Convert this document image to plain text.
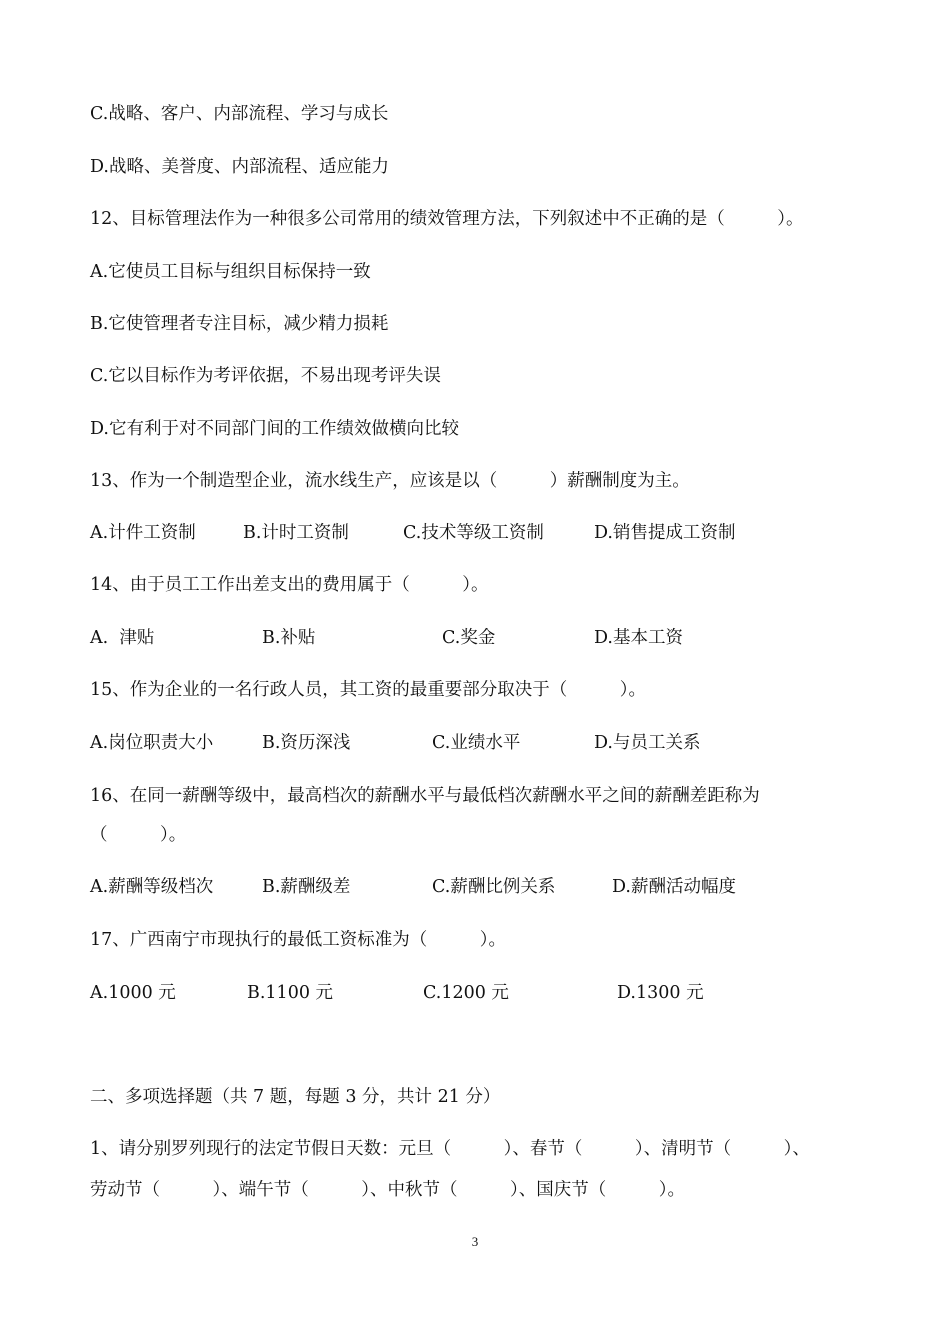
C.战略、客户、内部流程、学习与成长
D.战略、美誉度、内部流程、适应能力
12、目标管理法作为一种很多公司常用的绩效管理方法，下列叙述中不正确的是（　　　）。
A.它使员工目标与组织目标保持一致
B.它使管理者专注目标，减少精力损耗
C.它以目标作为考评依据，不易出现考评失误
D.它有利于对不同部门间的工作绩效做横向比较
13、作为一个制造型企业，流水线生产，应该是以（　　　）薪酬制度为主。
A.计件工资制	B.计时工资制	C.技术等级工资制	D.销售提成工资制
14、由于员工工作出差支出的费用属于（　　　）。
A.  津贴	B.补贴	C.奖金	D.基本工资
15、作为企业的一名行政人员，其工资的最重要部分取决于（　　　）。
A.岗位职责大小	B.资历深浅	C.业绩水平	D.与员工关系
16、在同一薪酬等级中，最高档次的薪酬水平与最低档次薪酬水平之间的薪酬差距称为
（　　　）。
A.薪酬等级档次	B.薪酬级差	C.薪酬比例关系	D.薪酬活动幅度
17、广西南宁市现执行的最低工资标准为（　　　）。
A.1000 元	B.1100 元	C.1200 元	D.1300 元
二、多项选择题（共 7 题，每题 3 分，共计 21 分）
1、请分别罗列现行的法定节假日天数：元旦（　　　）、春节（　　　）、清明节（　　　）、
劳动节（　　　）、端午节（　　　）、中秋节（　　　）、国庆节（　　　）。
3
